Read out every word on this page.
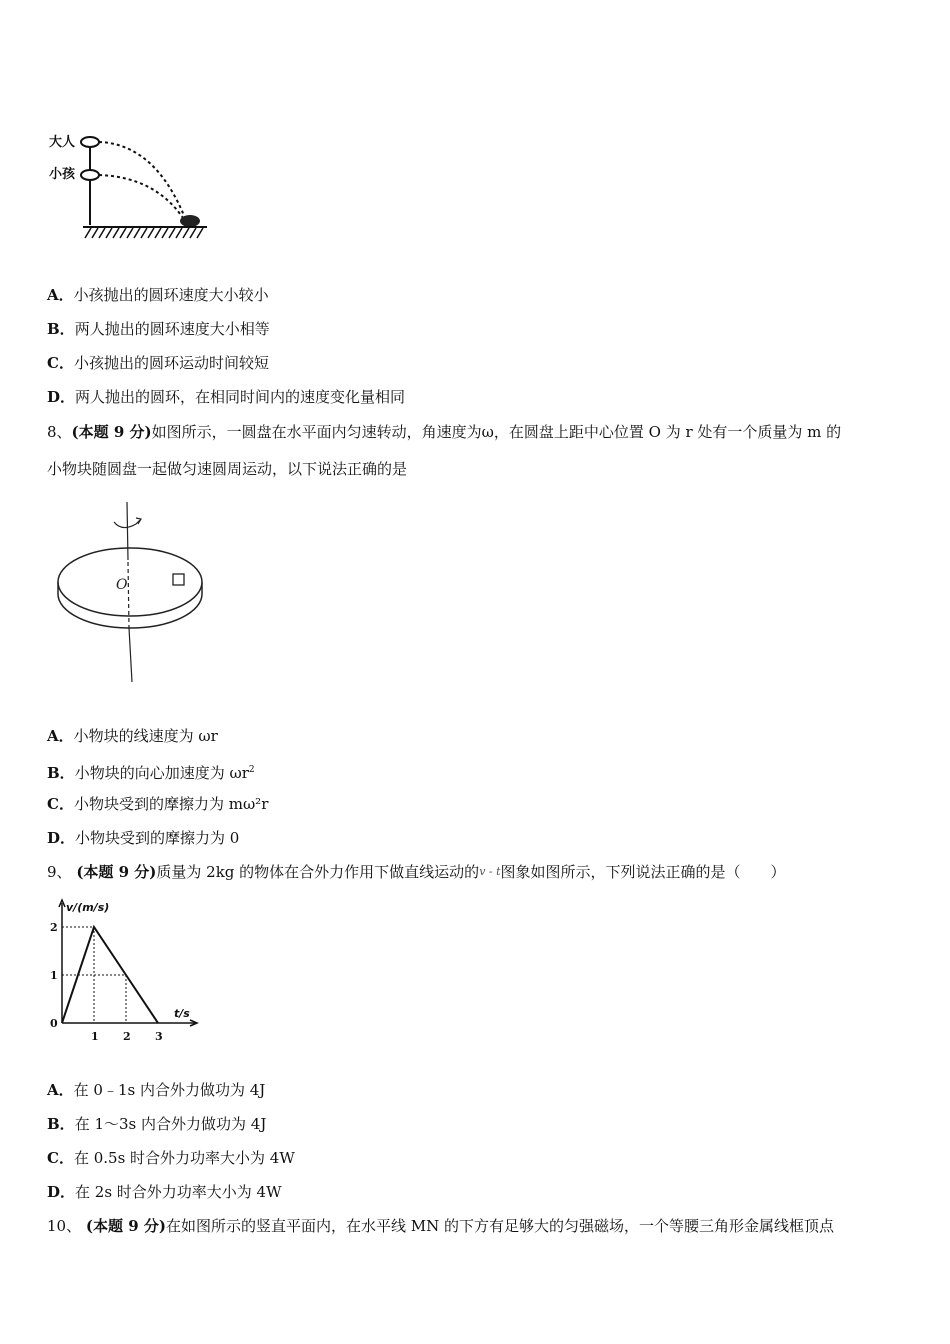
大人
小孩
A．小孩抛出的圆环速度大小较小
B．两人抛出的圆环速度大小相等
C．小孩抛出的圆环运动时间较短
D．两人抛出的圆环，在相同时间内的速度变化量相同
8、(本题 9 分)如图所示，一圆盘在水平面内匀速转动，角速度为ω，在圆盘上距中心位置 O 为 r 处有一个质量为 m 的
小物块随圆盘一起做匀速圆周运动，以下说法正确的是
O
A．小物块的线速度为 ωr
B．小物块的向心加速度为 $\omega r^2$
C．小物块受到的摩擦力为 mω²r
D．小物块受到的摩擦力为 0
9、 (本题 9 分)质量为 2kg 的物体在合外力作用下做直线运动的v - t图象如图所示，下列说法正确的是（　　）
v/(m/s)
t/s
1 2 3
0
1
2
A．在 0﹣1s 内合外力做功为 4J
B．在 1～3s 内合外力做功为 4J
C．在 0.5s 时合外力功率大小为 4W
D．在 2s 时合外力功率大小为 4W
10、 (本题 9 分)在如图所示的竖直平面内，在水平线 MN 的下方有足够大的匀强磁场，一个等腰三角形金属线框顶点
